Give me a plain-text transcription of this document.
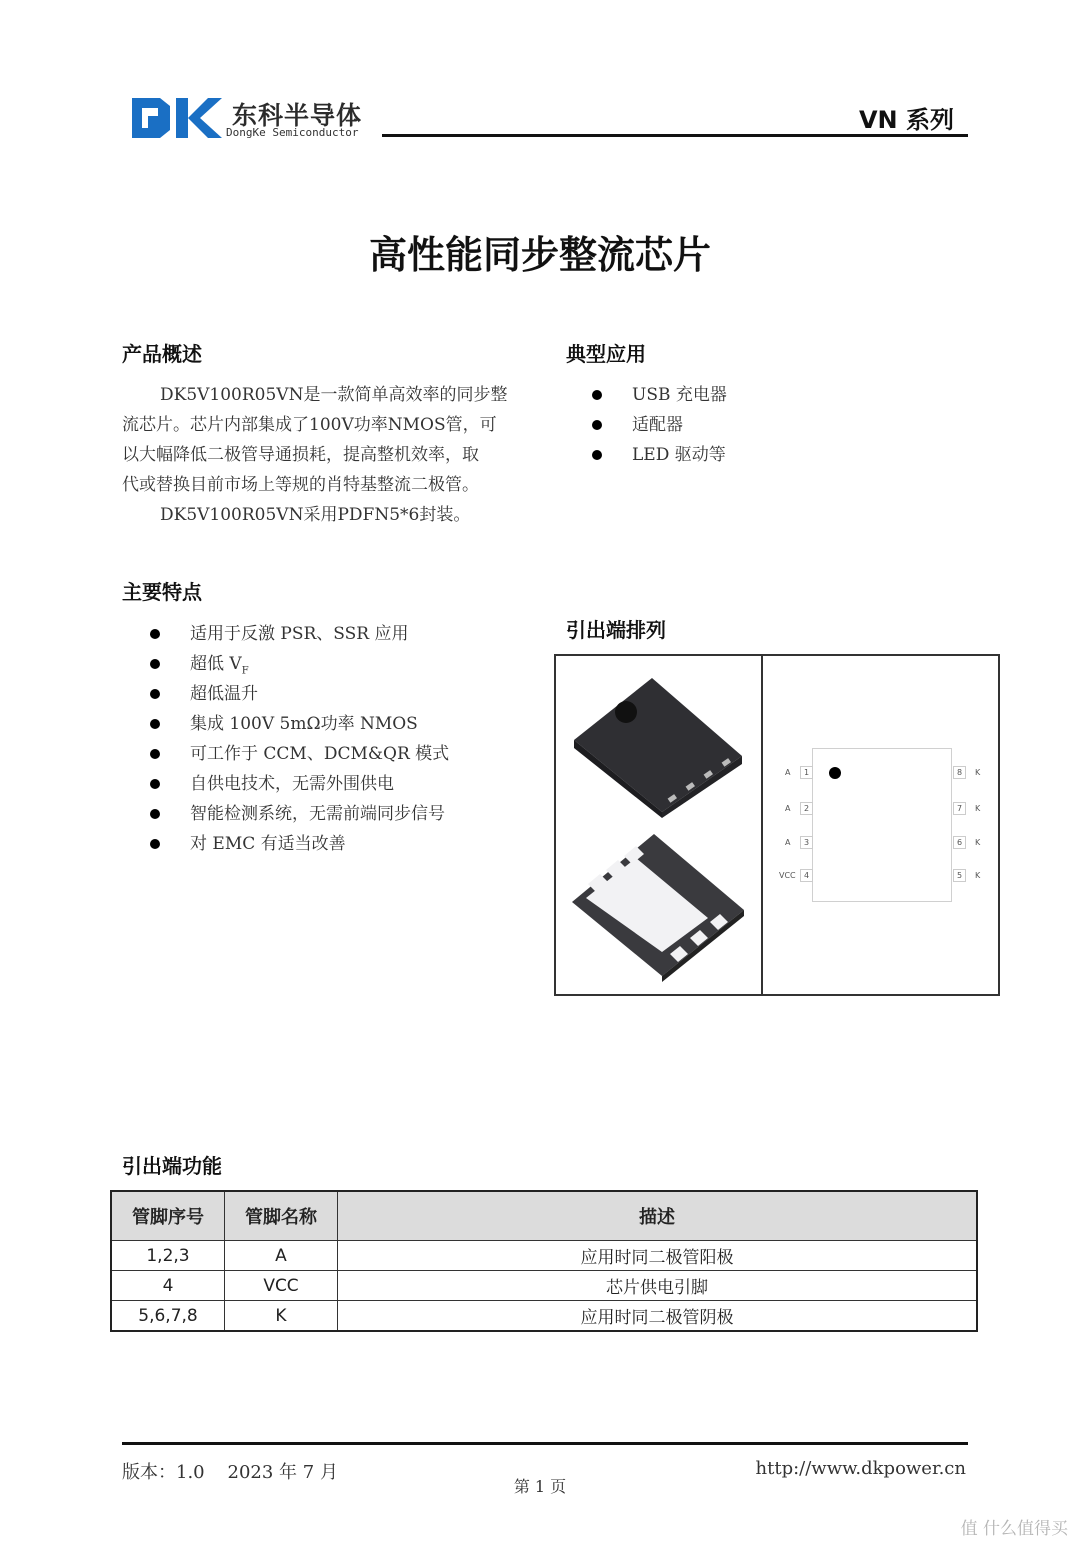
东科半导体
DongKe Semiconductor	VN 系列
高性能同步整流芯片
产品概述
DK5V100R05VN是一款简单高效率的同步整
流芯片。芯片内部集成了100V功率NMOS管，可
以大幅降低二极管导通损耗，提高整机效率，取
代或替换目前市场上等规的肖特基整流二极管。
DK5V100R05VN采用PDFN5*6封装。
典型应用
USB 充电器
适配器
LED 驱动等
主要特点
适用于反激 PSR、SSR 应用
超低 $V_F$
超低温升
集成 100V 5mΩ功率 NMOS
可工作于 CCM、DCM&QR 模式
自供电技术，无需外围供电
智能检测系统，无需前端同步信号
对 EMC 有适当改善
引出端排列
A	1
A	2
A	3
VCC	4
8	K
7	K
6	K
5	K
引出端功能
管脚序号	管脚名称	描述
1,2,3	A	应用时同二极管阳极
4	VCC	芯片供电引脚
5,6,7,8	K	应用时同二极管阴极
版本：1.0    2023 年 7 月
第 1 页
http://www.dkpower.cn
值 什么值得买
